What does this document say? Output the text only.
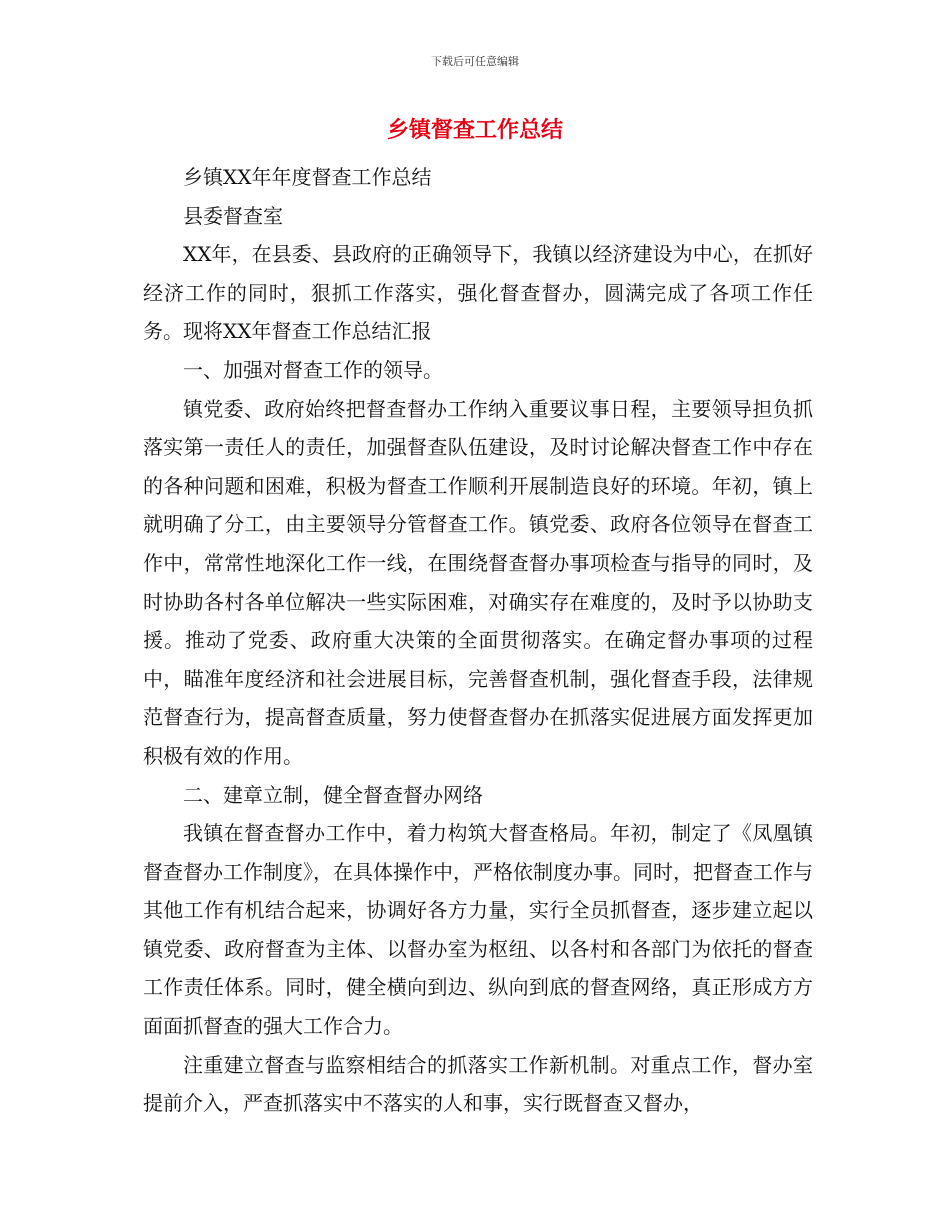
下载后可任意编辑
乡镇督查工作总结

乡镇XX年年度督查工作总结

县委督查室

XX年，在县委、县政府的正确领导下，我镇以经济建设为中心，在抓好经济工作的同时，狠抓工作落实，强化督查督办，圆满完成了各项工作任务。现将XX年督查工作总结汇报

一、加强对督查工作的领导。

镇党委、政府始终把督查督办工作纳入重要议事日程，主要领导担负抓落实第一责任人的责任，加强督查队伍建设，及时讨论解决督查工作中存在的各种问题和困难，积极为督查工作顺利开展制造良好的环境。年初，镇上就明确了分工，由主要领导分管督查工作。镇党委、政府各位领导在督查工作中，常常性地深化工作一线，在围绕督查督办事项检查与指导的同时，及时协助各村各单位解决一些实际困难，对确实存在难度的，及时予以协助支援。推动了党委、政府重大决策的全面贯彻落实。在确定督办事项的过程中，瞄准年度经济和社会进展目标，完善督查机制，强化督查手段，法律规范督查行为，提高督查质量，努力使督查督办在抓落实促进展方面发挥更加积极有效的作用。

二、建章立制，健全督查督办网络

我镇在督查督办工作中，着力构筑大督查格局。年初，制定了《凤凰镇督查督办工作制度》，在具体操作中，严格依制度办事。同时，把督查工作与其他工作有机结合起来，协调好各方力量，实行全员抓督查，逐步建立起以镇党委、政府督查为主体、以督办室为枢纽、以各村和各部门为依托的督查工作责任体系。同时，健全横向到边、纵向到底的督查网络，真正形成方方面面抓督查的强大工作合力。

注重建立督查与监察相结合的抓落实工作新机制。对重点工作，督办室提前介入，严查抓落实中不落实的人和事，实行既督查又督办，
